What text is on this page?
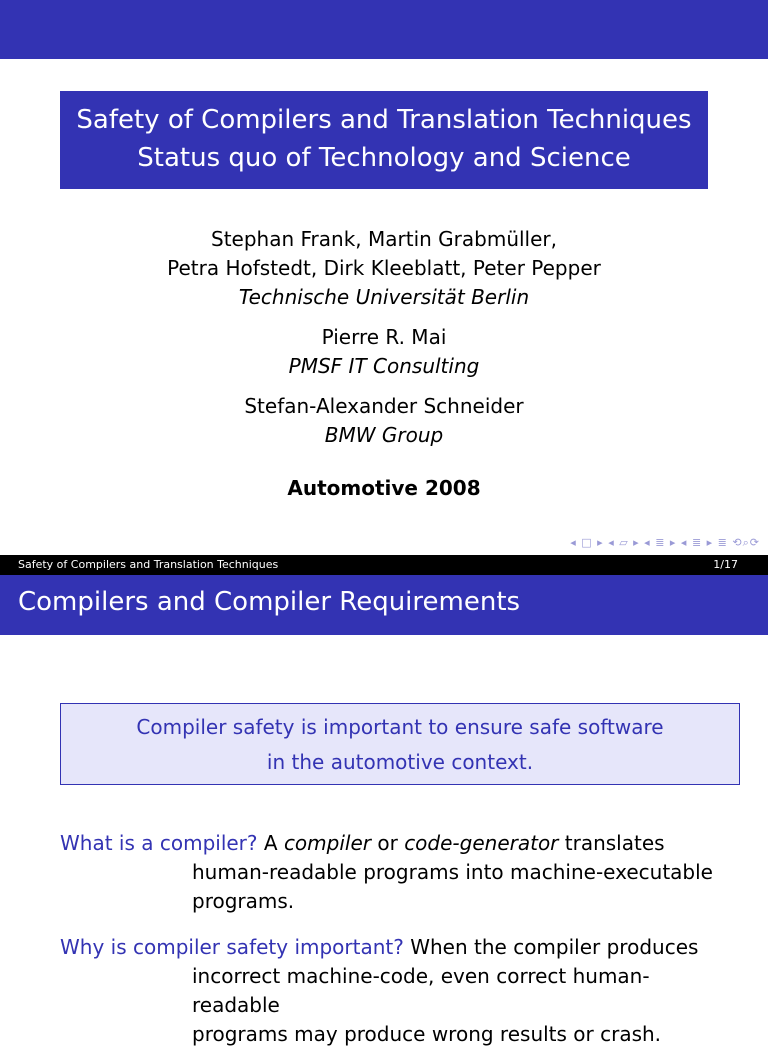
Safety of Compilers and Translation Techniques
Status quo of Technology and Science
Stephan Frank, Martin Grabmüller,
Petra Hofstedt, Dirk Kleeblatt, Peter Pepper
Technische Universität Berlin
Pierre R. Mai
PMSF IT Consulting
Stefan-Alexander Schneider
BMW Group
Automotive 2008
◂ □ ▸ ◂ ▱ ▸ ◂ ≣ ▸ ◂ ≣ ▸ ≣ ⟲⌕⟳
Safety of Compilers and Translation Techniques	1/17
Compilers and Compiler Requirements
Compiler safety is important to ensure safe software
in the automotive context.
What is a compiler? A compiler or code-generator translates
human-readable programs into machine-executable
programs.
Why is compiler safety important? When the compiler produces
incorrect machine-code, even correct human-readable
programs may produce wrong results or crash.
